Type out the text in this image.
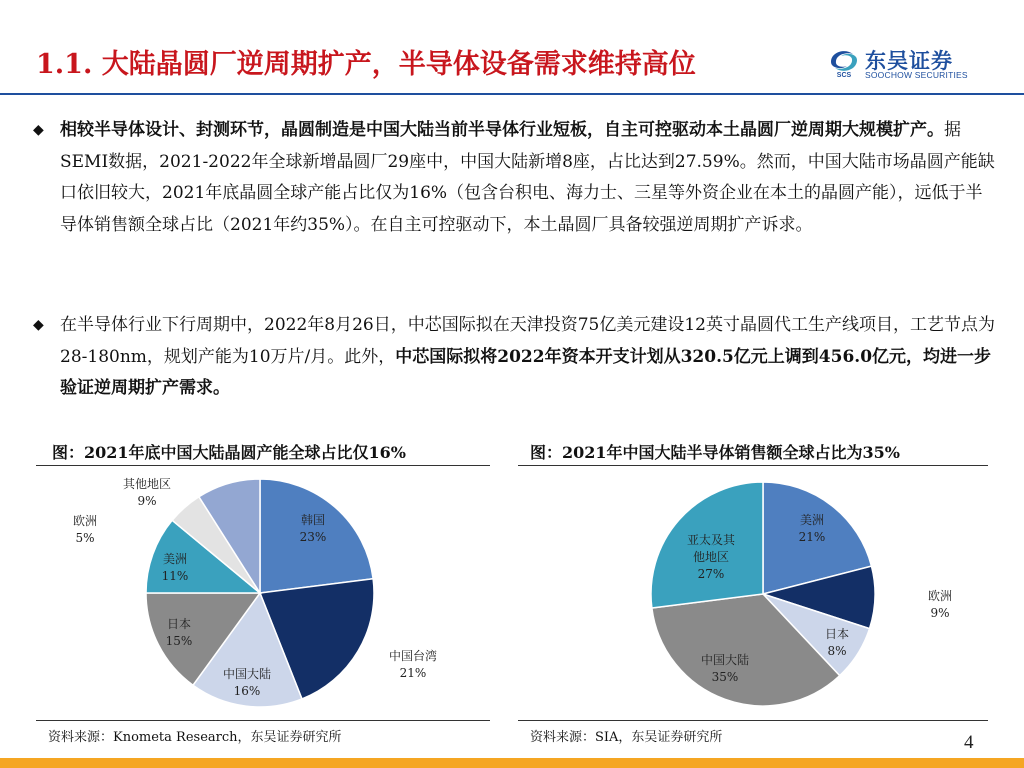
1.1. 大陆晶圆厂逆周期扩产，半导体设备需求维持高位	SCS
东吴证券
SOOCHOW SECURITIES
◆ 相较半导体设计、封测环节，晶圆制造是中国大陆当前半导体行业短板，自主可控驱动本土晶圆厂逆周期大规模扩产。据SEMI数据，2021-2022年全球新增晶圆厂29座中，中国大陆新增8座，占比达到27.59%。然而，中国大陆市场晶圆产能缺口依旧较大，2021年底晶圆全球产能占比仅为16%（包含台积电、海力士、三星等外资企业在本土的晶圆产能），远低于半导体销售额全球占比（2021年约35%）。在自主可控驱动下，本土晶圆厂具备较强逆周期扩产诉求。
◆ 在半导体行业下行周期中，2022年8月26日，中芯国际拟在天津投资75亿美元建设12英寸晶圆代工生产线项目，工艺节点为28-180nm，规划产能为10万片/月。此外，中芯国际拟将2022年资本开支计划从320.5亿元上调到456.0亿元，均进一步验证逆周期扩产需求。
图：2021年底中国大陆晶圆产能全球占比仅16%
韩国
23%
中国台湾
21%
中国大陆
16%
日本
15%
美洲
11%
欧洲
5%
其他地区
9%
资料来源：Knometa Research，东吴证券研究所
图：2021年中国大陆半导体销售额全球占比为35%
美洲
21%
欧洲
9%
日本
8%
中国大陆
35%
亚太及其他地区
27%
资料来源：SIA，东吴证券研究所	4
